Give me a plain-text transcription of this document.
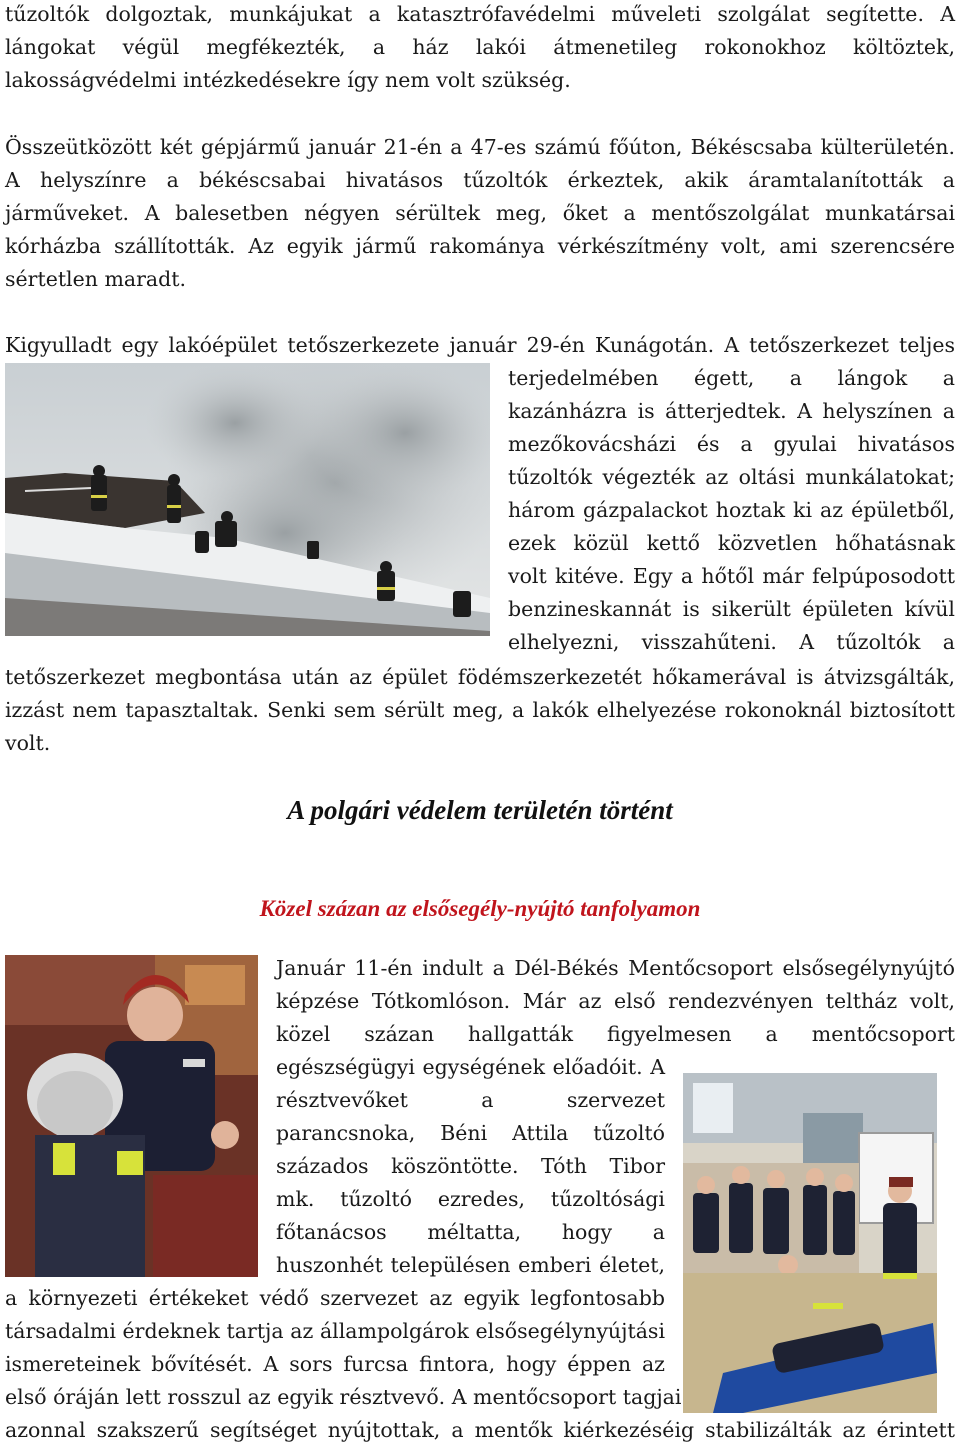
tűzoltók dolgoztak, munkájukat a katasztrófavédelmi műveleti szolgálat segítette. A
lángokat végül megfékezték, a ház lakói átmenetileg rokonokhoz költöztek,
lakosságvédelmi intézkedésekre így nem volt szükség.
Összeütközött két gépjármű január 21-én a 47-es számú főúton, Békéscsaba külterületén.
A helyszínre a békéscsabai hivatásos tűzoltók érkeztek, akik áramtalanították a
járműveket. A balesetben négyen sérültek meg, őket a mentőszolgálat munkatársai
kórházba szállították. Az egyik jármű rakománya vérkészítmény volt, ami szerencsére
sértetlen maradt.
Kigyulladt egy lakóépület tetőszerkezete január 29-én Kunágotán. A tetőszerkezet teljes
terjedelmében égett, a lángok a
kazánházra is átterjedtek. A helyszínen a
mezőkovácsházi és a gyulai hivatásos
tűzoltók végezték az oltási munkálatokat;
három gázpalackot hoztak ki az épületből,
ezek közül kettő közvetlen hőhatásnak
volt kitéve. Egy a hőtől már felpúposodott
benzineskannát is sikerült épületen kívül
elhelyezni, visszahűteni. A tűzoltók a
tetőszerkezet megbontása után az épület födémszerkezetét hőkamerával is átvizsgálták,
izzást nem tapasztaltak. Senki sem sérült meg, a lakók elhelyezése rokonoknál biztosított
volt.
A polgári védelem területén történt
Közel százan az elsősegély-nyújtó tanfolyamon
Január 11-én indult a Dél-Békés Mentőcsoport elsősegélynyújtó
képzése Tótkomlóson. Már az első rendezvényen teltház volt,
közel százan hallgatták figyelmesen a mentőcsoport
egészségügyi egységének előadóit. A
résztvevőket a szervezet
parancsnoka, Béni Attila tűzoltó
százados köszöntötte. Tóth Tibor
mk. tűzoltó ezredes, tűzoltósági
főtanácsos méltatta, hogy a
huszonhét településen emberi életet,
a környezeti értékeket védő szervezet az egyik legfontosabb
társadalmi érdeknek tartja az állampolgárok elsősegélynyújtási
ismereteinek bővítését. A sors furcsa fintora, hogy éppen az
első óráján lett rosszul az egyik résztvevő. A mentőcsoport tagjai
azonnal szakszerű segítséget nyújtottak, a mentők kiérkezéséig stabilizálták az érintett
